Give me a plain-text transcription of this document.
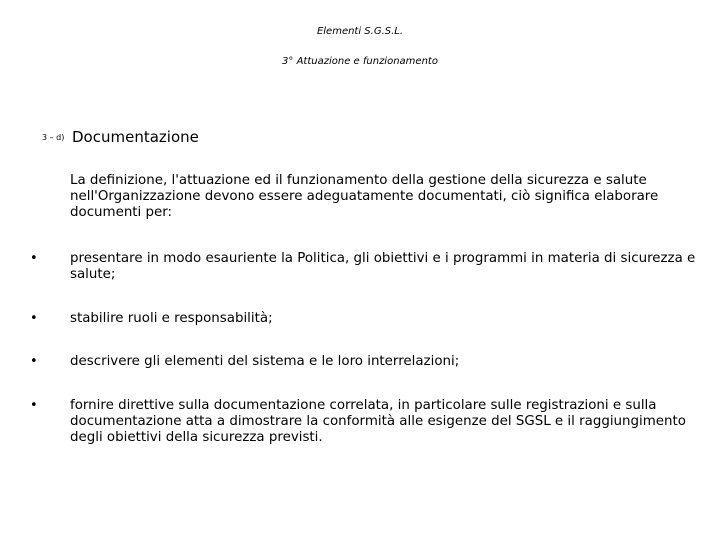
Elementi S.G.S.L.
3° Attuazione e funzionamento
3 – d) Documentazione
La definizione, l'attuazione ed il funzionamento della gestione della sicurezza e salute nell'Organizzazione devono essere adeguatamente documentati, ciò significa elaborare documenti per:
• presentare in modo esauriente la Politica, gli obiettivi e i programmi in materia di sicurezza e salute;
• stabilire ruoli e responsabilità;
• descrivere gli elementi del sistema e le loro interrelazioni;
• fornire direttive sulla documentazione correlata, in particolare sulle registrazioni e sulla documentazione atta a dimostrare la conformità alle esigenze del SGSL e il raggiungimento degli obiettivi della sicurezza previsti.
